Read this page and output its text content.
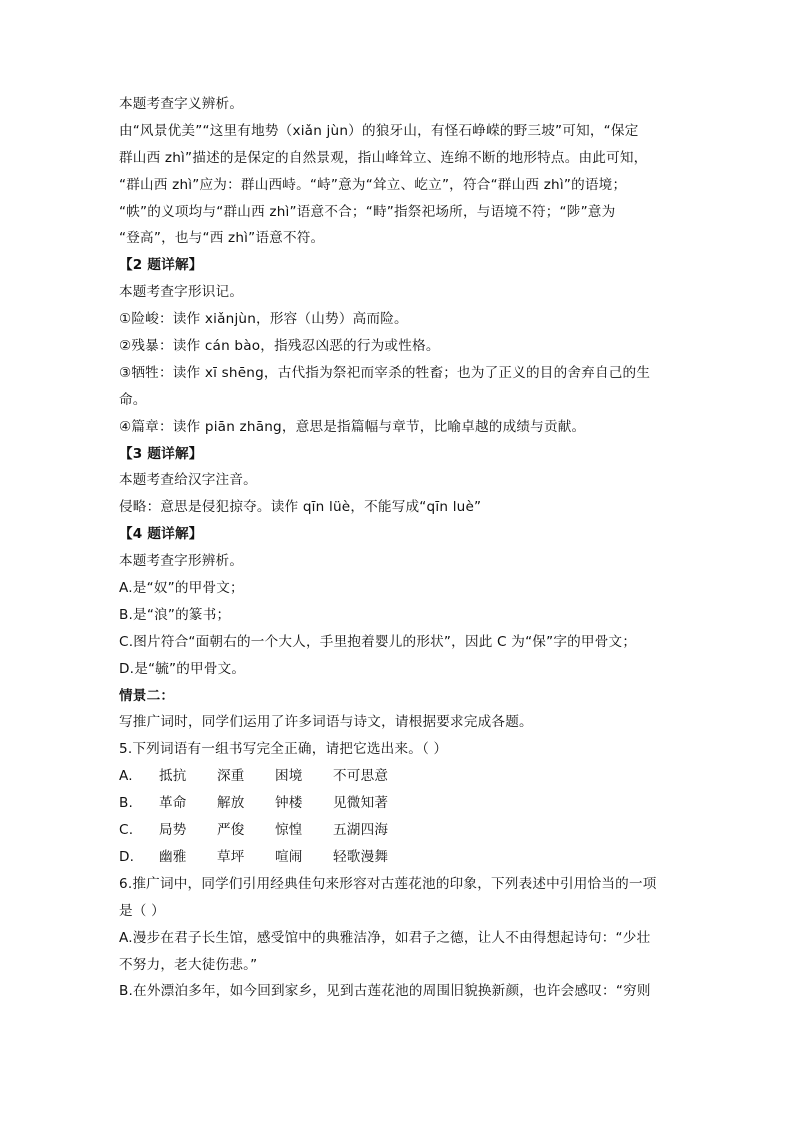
本题考查字义辨析。
由“风景优美”“这里有地势（xiǎn jùn）的狼牙山，有怪石峥嵘的野三坡”可知，“保定
群山西 zhì”描述的是保定的自然景观，指山峰耸立、连绵不断的地形特点。由此可知，
“群山西 zhì”应为：群山西峙。“峙”意为“耸立、屹立”，符合“群山西 zhì”的语境；
“帙”的义项均与“群山西 zhì”语意不合；“畤”指祭祀场所，与语境不符；“陟”意为
“登高”，也与“西 zhì”语意不符。
【2 题详解】
本题考查字形识记。
①险峻：读作 xiǎnjùn，形容（山势）高而险。
②残暴：读作 cán bào，指残忍凶恶的行为或性格。
③牺牲：读作 xī shēng，古代指为祭祀而宰杀的牲畜；也为了正义的目的舍弃自己的生
命。
④篇章：读作 piān zhāng，意思是指篇幅与章节，比喻卓越的成绩与贡献。
【3 题详解】
本题考查给汉字注音。
侵略：意思是侵犯掠夺。读作 qīn lüè，不能写成“qīn luè”
【4 题详解】
本题考查字形辨析。
A.是“奴”的甲骨文；
B.是“浪”的篆书；
C.图片符合“面朝右的一个大人，手里抱着婴儿的形状”，因此 C 为“保”字的甲骨文；
D.是“毓”的甲骨文。
情景二：
写推广词时，同学们运用了许多词语与诗文，请根据要求完成各题。
5.下列词语有一组书写完全正确，请把它选出来。（ ）
A. 抵抗 深重 困境 不可思意
B. 革命 解放 钟楼 见微知著
C. 局势 严俊 惊惶 五湖四海
D. 幽雅 草坪 喧闹 轻歌漫舞
6.推广词中，同学们引用经典佳句来形容对古莲花池的印象，下列表述中引用恰当的一项
是（ ）
A.漫步在君子长生馆，感受馆中的典雅洁净，如君子之德，让人不由得想起诗句：“少壮
不努力，老大徒伤悲。”
B.在外漂泊多年，如今回到家乡，见到古莲花池的周围旧貌换新颜，也许会感叹：“穷则
